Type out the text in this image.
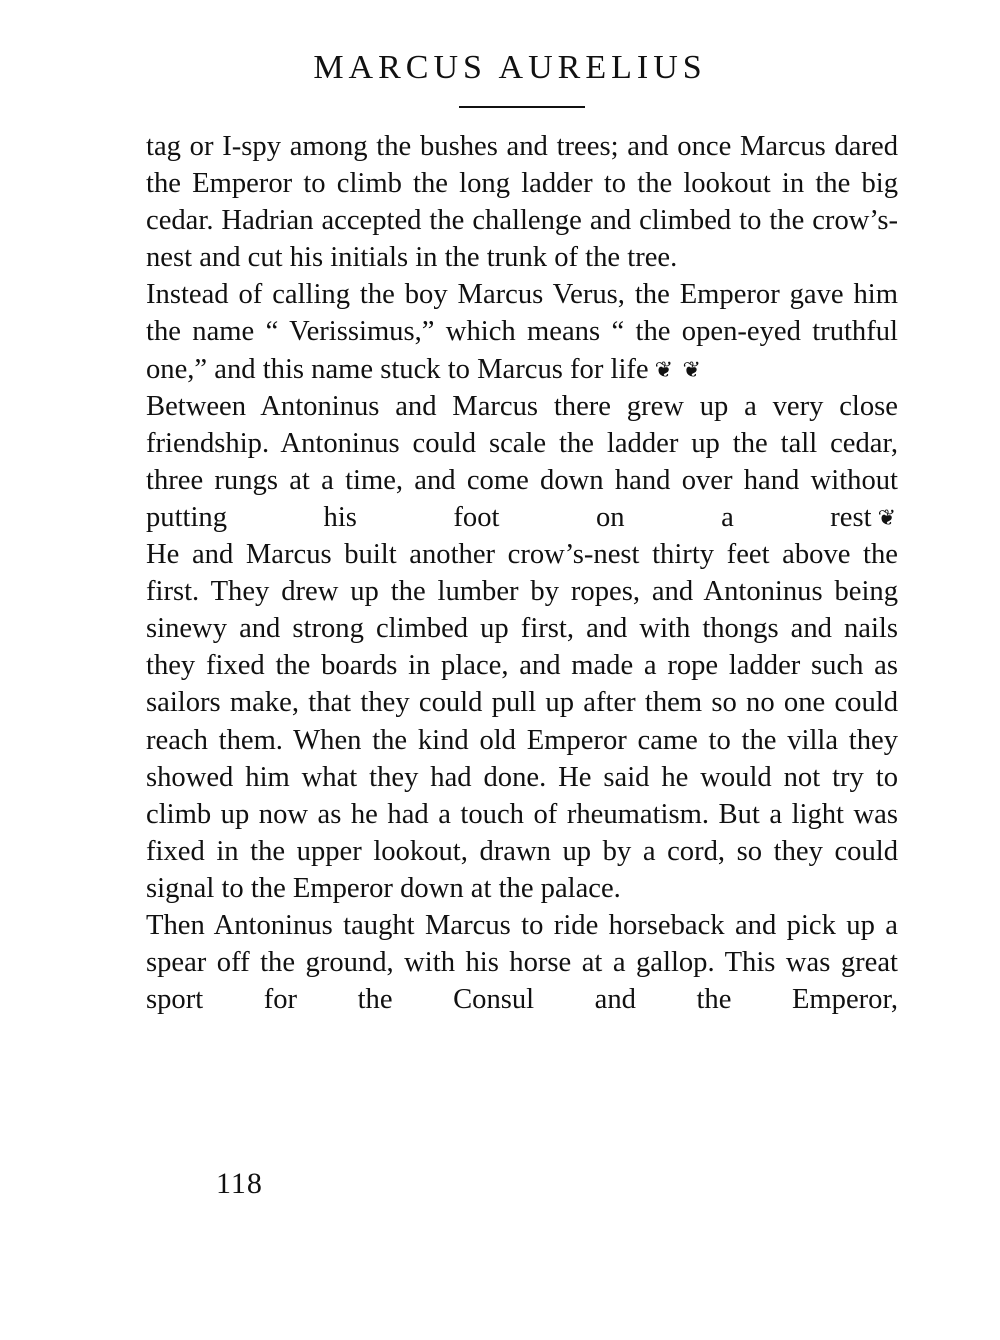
MARCUS AURELIUS

tag or I-spy among the bushes and trees; and once Marcus dared the Emperor to climb the long ladder to the lookout in the big cedar. Hadrian accepted the challenge and climbed to the crow’s-nest and cut his initials in the trunk of the tree.

Instead of calling the boy Marcus Verus, the Emperor gave him the name “ Verissimus,” which means “ the open-eyed truthful one,” and this name stuck to Marcus for life ❦ ❦

Between Antoninus and Marcus there grew up a very close friendship. Antoninus could scale the ladder up the tall cedar, three rungs at a time, and come down hand over hand without putting his foot on a rest ❦

He and Marcus built another crow’s-nest thirty feet above the first. They drew up the lumber by ropes, and Antoninus being sinewy and strong climbed up first, and with thongs and nails they fixed the boards in place, and made a rope ladder such as sailors make, that they could pull up after them so no one could reach them. When the kind old Emperor came to the villa they showed him what they had done. He said he would not try to climb up now as he had a touch of rheumatism. But a light was fixed in the upper lookout, drawn up by a cord, so they could signal to the Emperor down at the palace.

Then Antoninus taught Marcus to ride horseback and pick up a spear off the ground, with his horse at a gallop. This was great sport for the Consul and the Emperor,

118
